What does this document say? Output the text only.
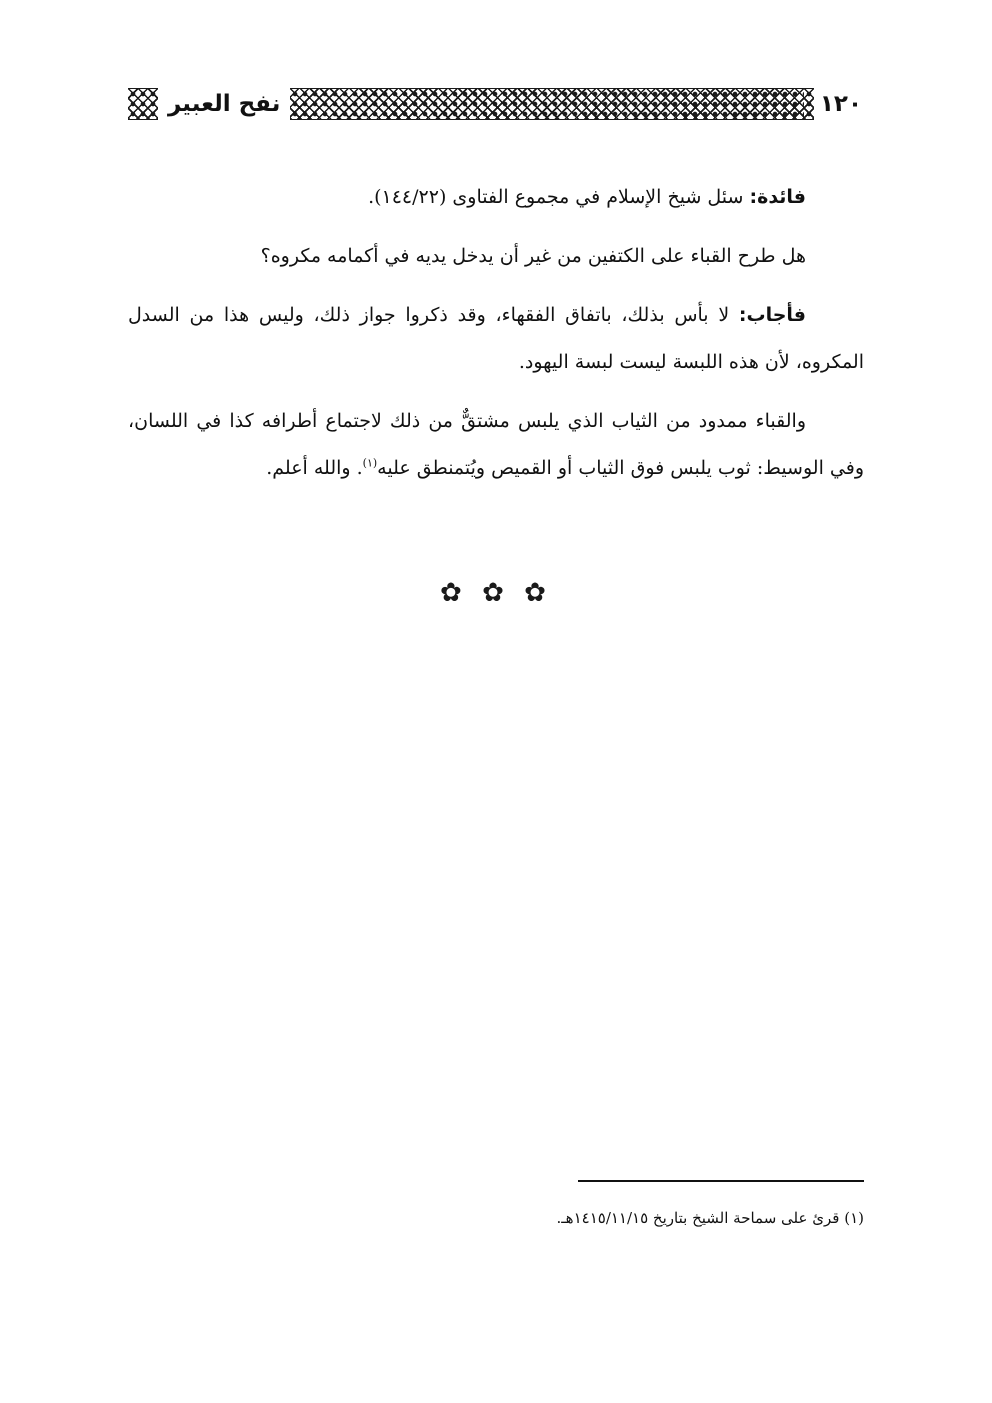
١٢٠
نفح العبير

فائدة: سئل شيخ الإسلام في مجموع الفتاوى (١٤٤/٢٢).

هل طرح القباء على الكتفين من غير أن يدخل يديه في أكمامه مكروه؟

فأجاب: لا بأس بذلك، باتفاق الفقهاء، وقد ذكروا جواز ذلك، وليس هذا من السدل المكروه، لأن هذه اللبسة ليست لبسة اليهود.

والقباء ممدود من الثياب الذي يلبس مشتقٌّ من ذلك لاجتماع أطرافه كذا في اللسان، وفي الوسيط: ثوب يلبس فوق الثياب أو القميص ويُتمنطق عليه$^{(١)}$. والله أعلم.

✿ ✿ ✿
(١) قرئ على سماحة الشيخ بتاريخ ١٤١٥/١١/١٥هـ.
